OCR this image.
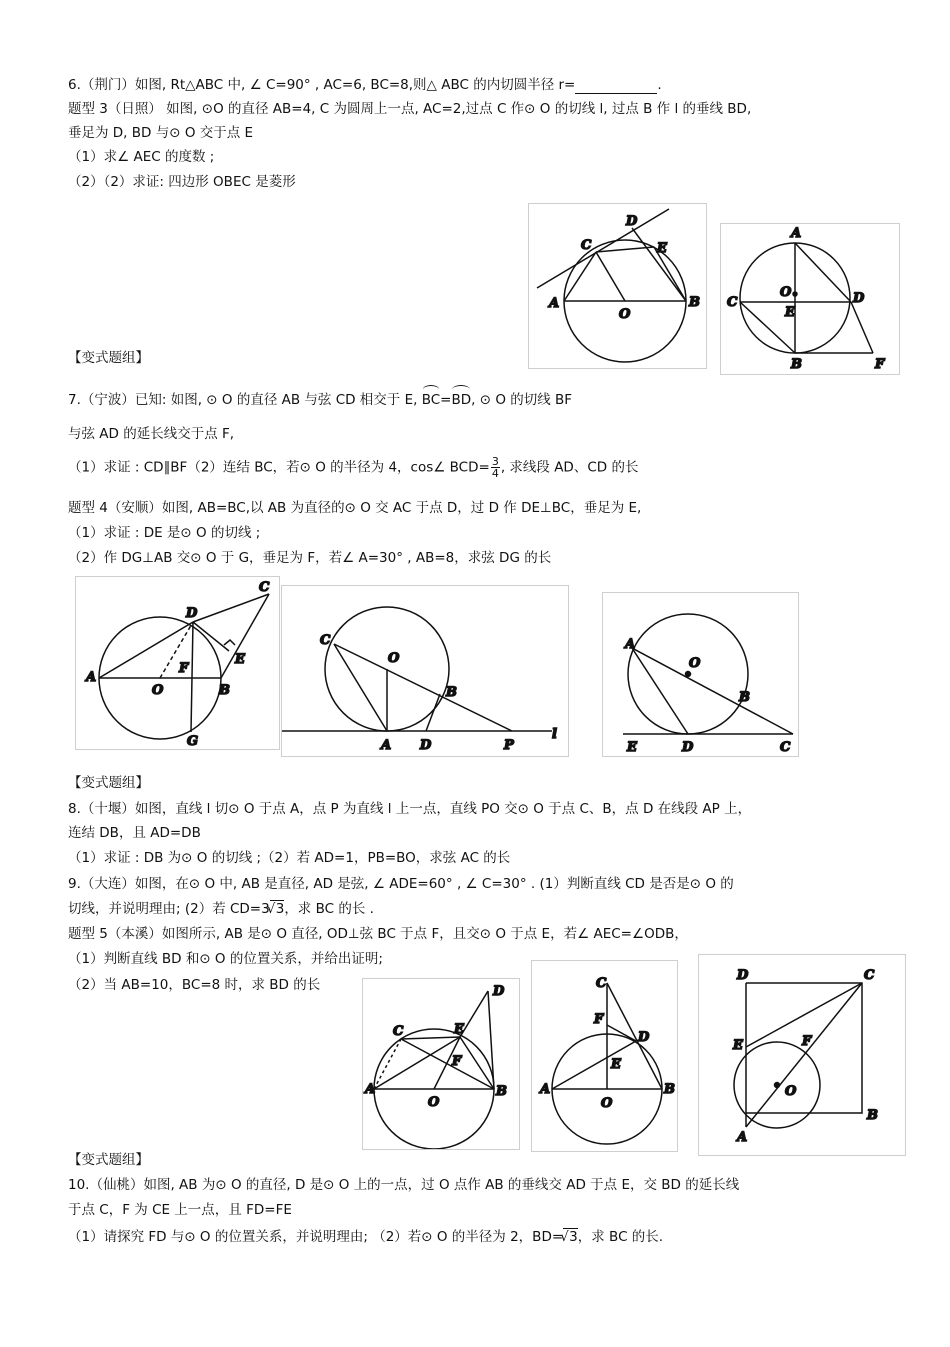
6.（荆门）如图, Rt△ABC 中, ∠ C=90° , AC=6, BC=8,则△ ABC 的内切圆半径 r=	.
题型 3（日照） 如图, ⊙O 的直径 AB=4, C 为圆周上一点, AC=2,过点 C 作⊙ O 的切线 l, 过点 B 作 l 的垂线 BD,
垂足为 D, BD 与⊙ O 交于点 E
（1）求∠ AEC 的度数 ;
（2）（2）求证: 四边形 OBEC 是菱形
【变式题组】
7.（宁波）已知: 如图, ⊙ O 的直径 AB 与弦 CD 相交于 E, BC=BD, ⊙ O 的切线 BF
与弦 AD 的延长线交于点 F,
（1）求证 : CD∥BF（2）连结 BC，若⊙ O 的半径为 4，cos∠ $BCD= \frac{3}{4}$ , 求线段 AD、CD 的长
题型 4（安顺）如图, AB=BC,以 AB 为直径的⊙ O 交 AC 于点 D，过 D 作 DE⊥BC，垂足为 E,
（1）求证 : DE 是⊙ O 的切线 ;
（2）作 DG⊥AB 交⊙ O 于 G，垂足为 F，若∠ A=30° , AB=8，求弦 DG 的长
【变式题组】
8.（十堰）如图，直线 l 切⊙ O 于点 A，点 P 为直线 l 上一点，直线 PO 交⊙ O 于点 C、B，点 D 在线段 AP 上，
连结 DB，且 AD=DB
（1）求证 : DB 为⊙ O 的切线 ;（2）若 AD=1，PB=BO，求弦 AC 的长
9.（大连）如图，在⊙ O 中, AB 是直径, AD 是弦, ∠ ADE=60° , ∠ C=30° . (1）判断直线 CD 是否是⊙ O 的
切线，并说明理由; (2）若 CD=3 √ 3，求 BC 的长 .
题型 5（本溪）如图所示, AB 是⊙ O 直径, OD⊥弦 BC 于点 F，且交⊙ O 于点 E，若∠ AEC=∠ODB，
（1）判断直线 BD 和⊙ O 的位置关系，并给出证明;
（2）当 AB=10，BC=8 时，求 BD 的长
【变式题组】
10.（仙桃）如图, AB 为⊙ O 的直径, D 是⊙ O 上的一点，过 O 点作 AB 的垂线交 AD 于点 E，交 BD 的延长线
于点 C，F 为 CE 上一点，且 FD=FE
（1）请探究 FD 与⊙ O 的位置关系，并说明理由; （2）若⊙ O 的半径为 2，BD= √ 3，求 BC 的长.
D
C	E
A
O
B
A
C
O	D
E
B	F
C
D
E
A
O
F
B
G
C
O
B
A D	P
l
A
O
B
E	D	C
D
C	E
F
A
O
B
C
F
D
E
A
O
B
D	C
E	F
O
A
B
